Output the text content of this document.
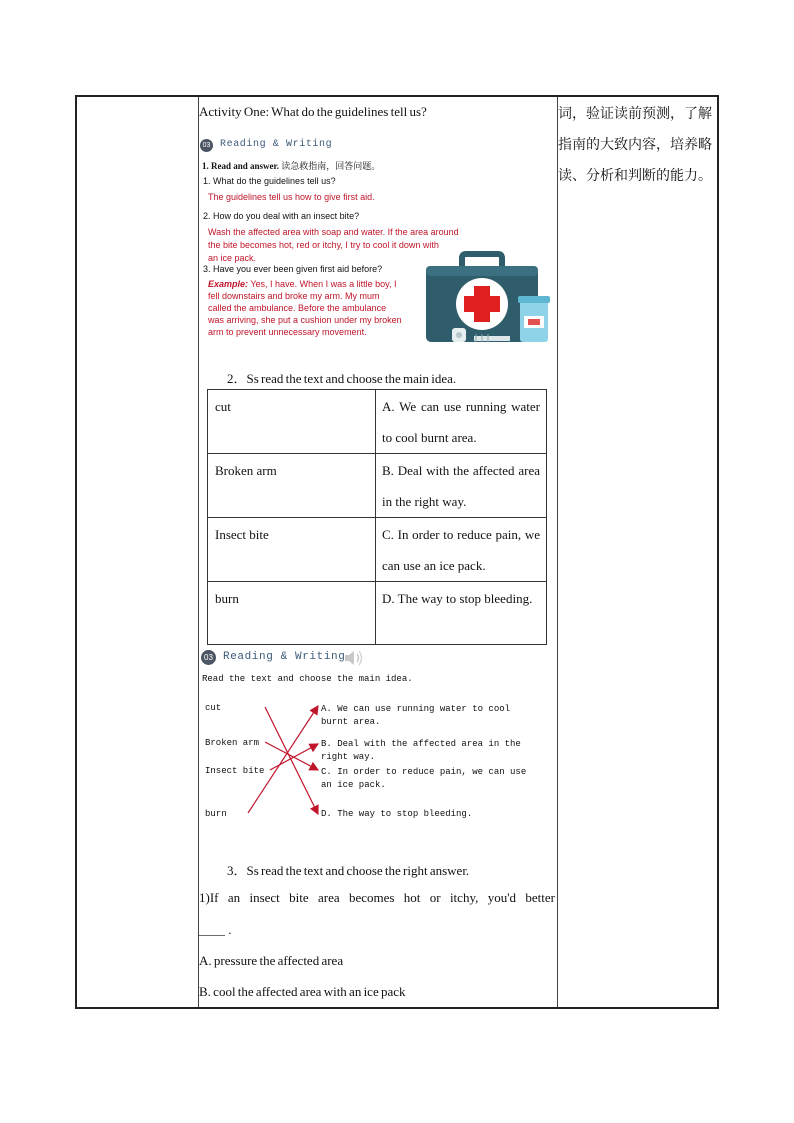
Activity One: What do the guidelines tell us?	词，验证读前预测，了解指南的大致内容，培养略读、分析和判断的能力。
03 Reading & Writing
1. Read and answer. 读急救指南，回答问题。
1. What do the guidelines tell us?
The guidelines tell us how to give first aid.
2. How do you deal with an insect bite?
Wash the affected area with soap and water. If the area around
the bite becomes hot, red or itchy, I try to cool it down with
an ice pack.
3. Have you ever been given first aid before?
Example: Yes, I have. When I was a little boy, I
fell downstairs and broke my arm. My mum
called the ambulance. Before the ambulance
was arriving, she put a cushion under my broken
arm to prevent unnecessary movement.
2．Ss read the text and choose the main idea.
cut	A. We can use running water to cool burnt area.
Broken arm	B. Deal with the affected area in the right way.
Insect bite	C. In order to reduce pain, we can use an ice pack.
burn	D. The way to stop bleeding.
03 Reading & Writing
Read the text and choose the main idea.
cut
Broken arm
Insect bite
burn
A. We can use running water to cool
burnt area.
B. Deal with the affected area in the
right way.
C. In order to reduce pain, we can use
an ice pack.
D. The way to stop bleeding.
3．Ss read the text and choose the right answer.
1)If an insect bite area becomes hot or itchy, you'd better
____ .
A. pressure the affected area
B. cool the affected area with an ice pack
